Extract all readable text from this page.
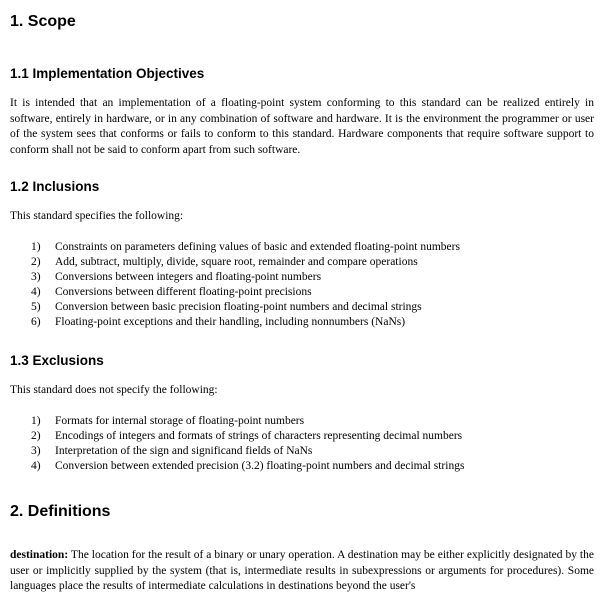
1. Scope
1.1 Implementation Objectives

It is intended that an implementation of a floating-point system conforming to this standard can be realized entirely in software, entirely in hardware, or in any combination of software and hardware. It is the environment the programmer or user of the system sees that conforms or fails to conform to this standard. Hardware components that require software support to conform shall not be said to conform apart from such software.

1.2 Inclusions

This standard specifies the following:

1) Constraints on parameters defining values of basic and extended floating-point numbers
2) Add, subtract, multiply, divide, square root, remainder and compare operations
3) Conversions between integers and floating-point numbers
4) Conversions between different floating-point precisions
5) Conversion between basic precision floating-point numbers and decimal strings
6) Floating-point exceptions and their handling, including nonnumbers (NaNs)
1.3 Exclusions

This standard does not specify the following:

1) Formats for internal storage of floating-point numbers
2) Encodings of integers and formats of strings of characters representing decimal numbers
3) Interpretation of the sign and significand fields of NaNs
4) Conversion between extended precision (3.2) floating-point numbers and decimal strings
2. Definitions

destination: The location for the result of a binary or unary operation. A destination may be either explicitly designated by the user or implicitly supplied by the system (that is, intermediate results in subexpressions or arguments for procedures). Some languages place the results of intermediate calculations in destinations beyond the user's
